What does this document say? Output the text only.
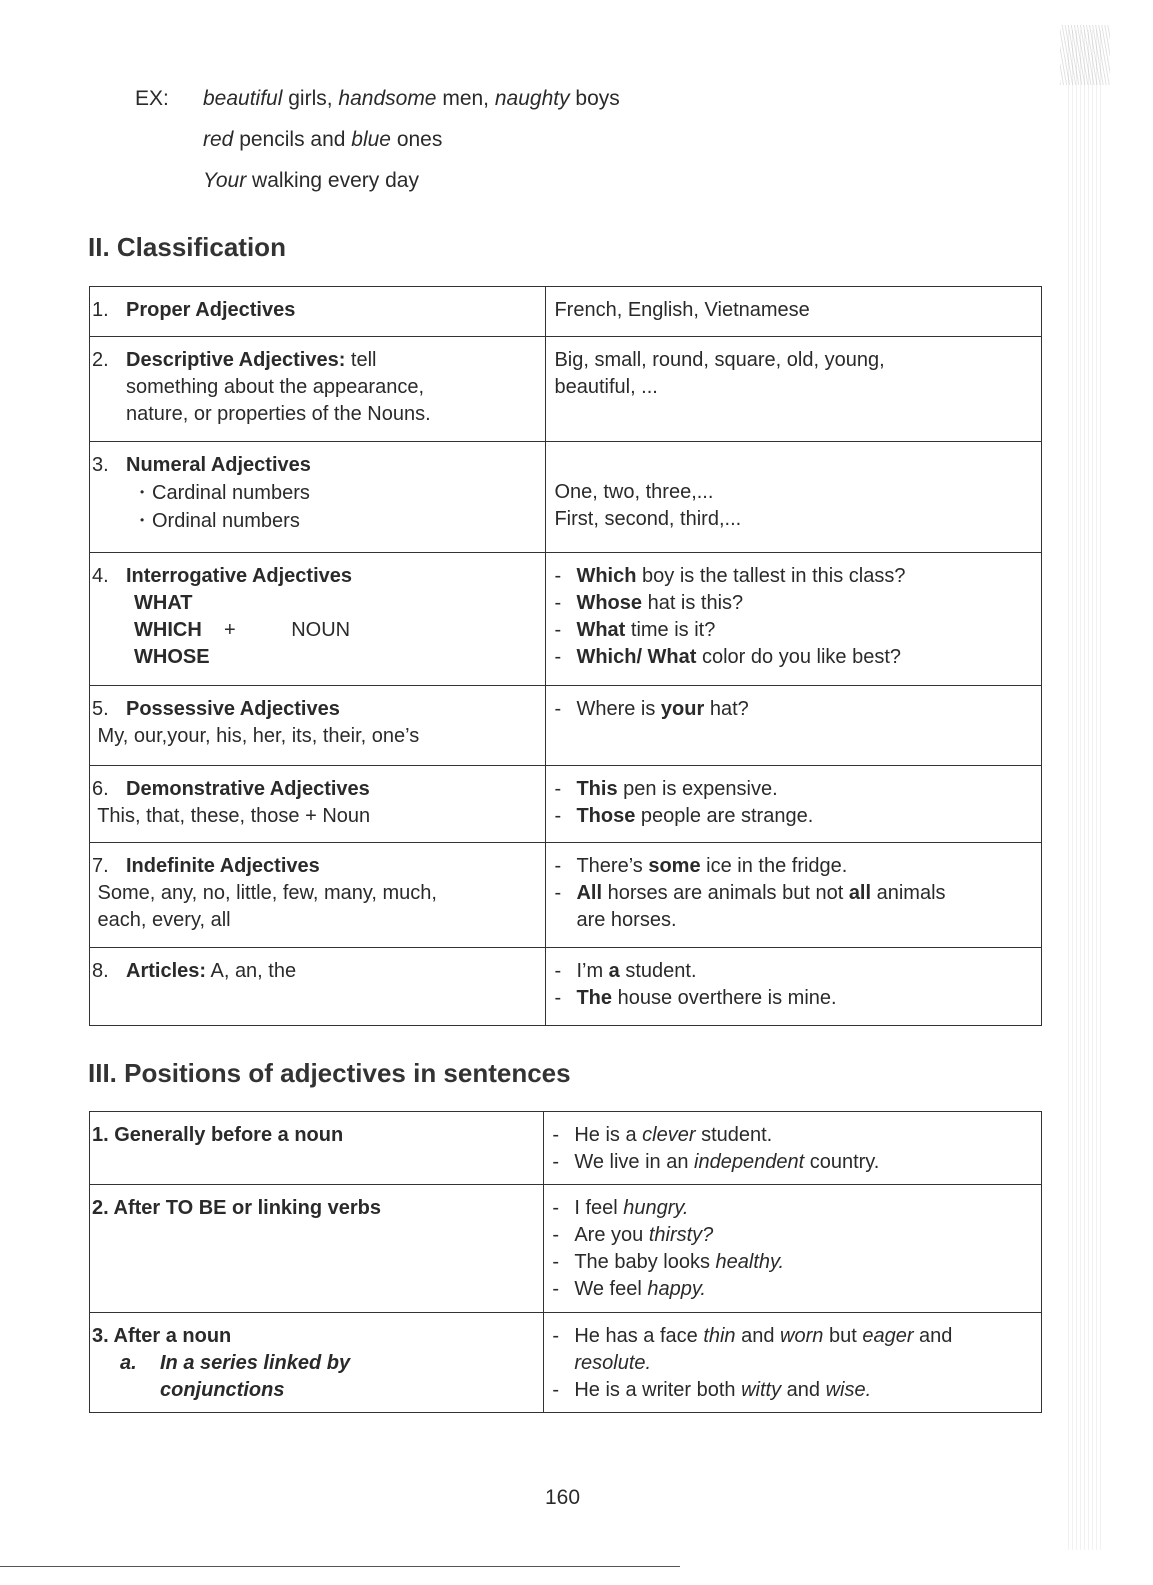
EX: beautiful girls, handsome men, naughty boys
red pencils and blue ones
Your walking every day
II. Classification
1. Proper Adjectives	French, English, Vietnamese

2. Descriptive Adjectives: tell
something about the appearance,
nature, or properties of the Nouns.	Big, small, round, square, old, young,
beautiful, ...

3. Numeral Adjectives
• Cardinal numbers
• Ordinal numbers	One, two, three,...
First, second, third,...

4. Interrogative Adjectives
WHAT
WHICH    +          NOUN
WHOSE	- Which boy is the tallest in this class?
- Whose hat is this?
- What time is it?
- Which/ What color do you like best?

5. Possessive Adjectives
My, our,your, his, her, its, their, one’s	- Where is your hat?

6. Demonstrative Adjectives
This, that, these, those + Noun	- This pen is expensive.
- Those people are strange.

7. Indefinite Adjectives
Some, any, no, little, few, many, much,
each, every, all	- There’s some ice in the fridge.
- All horses are animals but not all animals
are horses.

8. Articles: A, an, the	- I’m a student.
- The house overthere is mine.
III. Positions of adjectives in sentences
1. Generally before a noun	- He is a clever student.
- We live in an independent country.

2. After TO BE or linking verbs	- I feel hungry.
- Are you thirsty?
- The baby looks healthy.
- We feel happy.

3. After a noun
a. In a series linked by
conjunctions	- He has a face thin and worn but eager and
resolute.
- He is a writer both witty and wise.
160
